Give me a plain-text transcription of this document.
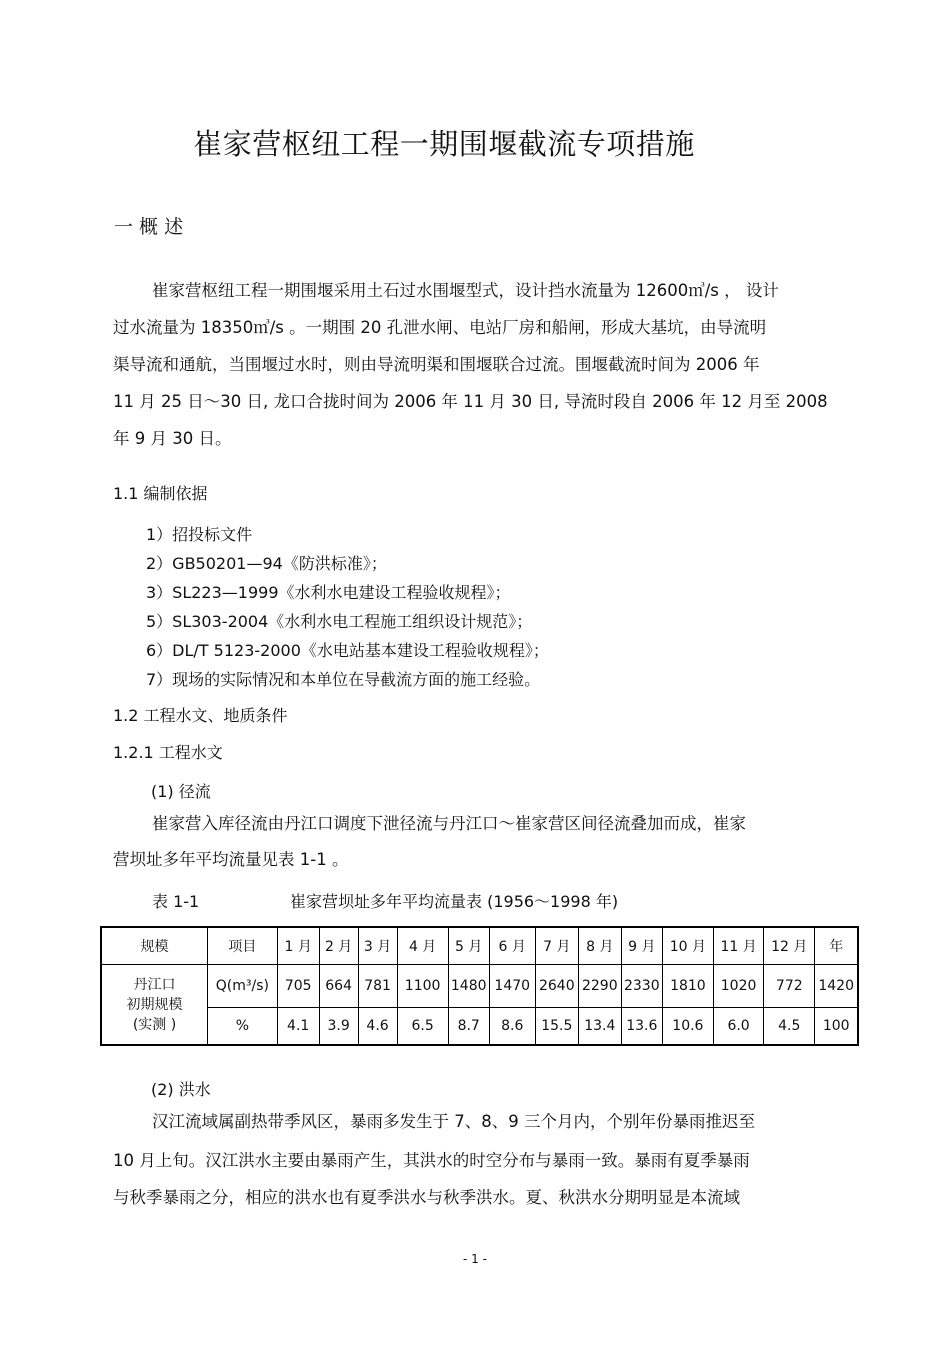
崔家营枢纽工程一期围堰截流专项措施
一 概 述
崔家营枢纽工程一期围堰采用土石过水围堰型式，设计挡水流量为 12600㎥/s ， 设计
过水流量为 18350㎥/s 。一期围 20 孔泄水闸、电站厂房和船闸，形成大基坑，由导流明
渠导流和通航，当围堰过水时，则由导流明渠和围堰联合过流。围堰截流时间为 2006 年
11 月 25 日～30 日, 龙口合拢时间为 2006 年 11 月 30 日, 导流时段自 2006 年 12 月至 2008
年 9 月 30 日。
1.1 编制依据
1）招投标文件
2）GB50201—94《防洪标准》；
3）SL223—1999《水利水电建设工程验收规程》；
5）SL303-2004《水利水电工程施工组织设计规范》；
6）DL/T 5123-2000《水电站基本建设工程验收规程》；
7）现场的实际情况和本单位在导截流方面的施工经验。
1.2 工程水文、地质条件
1.2.1 工程水文
(1) 径流
崔家营入库径流由丹江口调度下泄径流与丹江口～崔家营区间径流叠加而成，崔家
营坝址多年平均流量见表 1-1 。
表 1-1	崔家营坝址多年平均流量表 (1956～1998 年)
规模	项目	1 月	2 月	3 月	4 月	5 月	6 月	7 月	8 月	9 月	10 月	11 月	12 月	年

丹江口
初期规模
(实测 )	Q(m³/s)	705	664	781	1100	1480	1470	2640	2290	2330	1810	1020	772	1420
	%	4.1	3.9	4.6	6.5	8.7	8.6	15.5	13.4	13.6	10.6	6.0	4.5	100
(2) 洪水
汉江流域属副热带季风区，暴雨多发生于 7、8、9 三个月内，个别年份暴雨推迟至
10 月上旬。汉江洪水主要由暴雨产生，其洪水的时空分布与暴雨一致。暴雨有夏季暴雨
与秋季暴雨之分，相应的洪水也有夏季洪水与秋季洪水。夏、秋洪水分期明显是本流域
- 1 -
